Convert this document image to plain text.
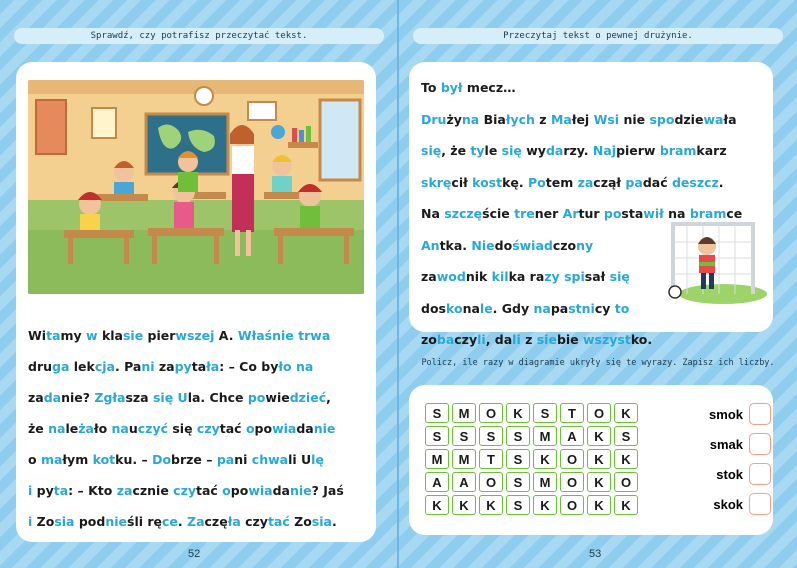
Sprawdź, czy potrafisz przeczytać tekst.
Witamy w klasie pierwszej A. Właśnie trwa
druga lekcja. Pani zapytała: – Co było na
zadanie? Zgłasza się Ula. Chce powiedzieć,
że należało nauczyć się czytać opowiadanie
o małym kotku. – Dobrze – pani chwali Ulę
i pyta: – Kto zacznie czytać opowiadanie? Jaś
i Zosia podnieśli ręce. Zaczęła czytać Zosia.
52
Przeczytaj tekst o pewnej drużynie.
To był mecz…
Drużyna Białych z Małej Wsi nie spodziewała
się, że tyle się wydarzy. Najpierw bramkarz
skręcił kostkę. Potem zaczął padać deszcz.
Na szczęście trener Artur postawił na bramce
Antka. Niedoświadczony
zawodnik kilka razy spisał się
doskonale. Gdy napastnicy to
zobaczyli, dali z siebie wszystko.
Policz, ile razy w diagramie ukryły się te wyrazy. Zapisz ich liczby.
S	M	O	K	S	T	O	K
S	S	S	S	M	A	K	S
M	M	T	S	K	O	K	K
A	A	O	S	M	O	K	O
K	K	K	S	K	O	K	K
smok
smak
stok
skok
53
